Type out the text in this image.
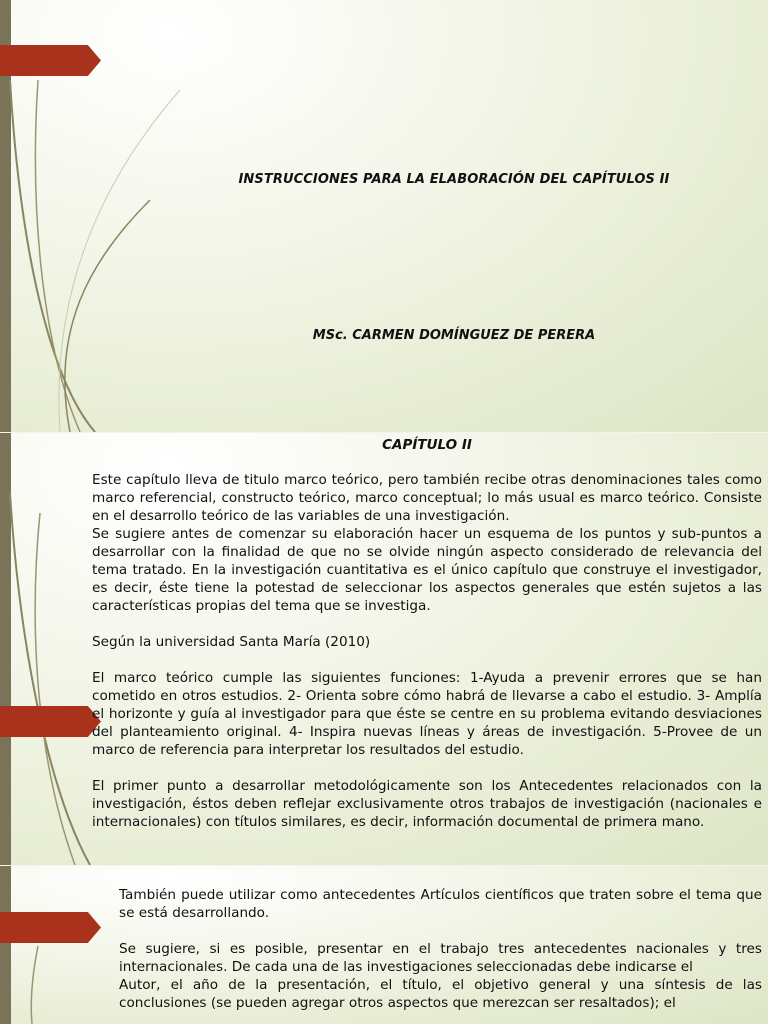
INSTRUCCIONES PARA LA ELABORACIÓN DEL CAPÍTULOS II
MSc. CARMEN DOMÍNGUEZ DE PERERA
CAPÍTULO II

Este capítulo lleva de titulo marco teórico, pero también recibe otras denominaciones tales como marco referencial, constructo teórico, marco conceptual; lo más usual es marco teórico. Consiste en el desarrollo teórico de las variables de una investigación.

Se sugiere antes de comenzar su elaboración hacer un esquema de los puntos y sub-puntos a desarrollar con la finalidad de que no se olvide ningún aspecto considerado de relevancia del tema tratado. En la investigación cuantitativa es el único capítulo que construye el investigador, es decir, éste tiene la potestad de seleccionar los aspectos generales que estén sujetos a las características propias del tema que se investiga.

Según la universidad Santa María (2010)

El marco teórico cumple las siguientes funciones: 1-Ayuda a prevenir errores que se han cometido en otros estudios. 2- Orienta sobre cómo habrá de llevarse a cabo el estudio. 3- Amplía el horizonte y guía al investigador para que éste se centre en su problema evitando desviaciones del planteamiento original. 4- Inspira nuevas líneas y áreas de investigación. 5-Provee de un marco de referencia para interpretar los resultados del estudio.

El primer punto a desarrollar metodológicamente son los Antecedentes relacionados con la investigación, éstos deben reflejar exclusivamente otros trabajos de investigación (nacionales e internacionales) con títulos similares, es decir, información documental de primera mano.

También puede utilizar como antecedentes Artículos científicos que traten sobre el tema que se está desarrollando.

Se sugiere, si es posible, presentar en el trabajo tres antecedentes nacionales y tres internacionales. De cada una de las investigaciones seleccionadas debe indicarse el

Autor, el año de la presentación, el título, el objetivo general y una síntesis de las conclusiones (se pueden agregar otros aspectos que merezcan ser resaltados); el
